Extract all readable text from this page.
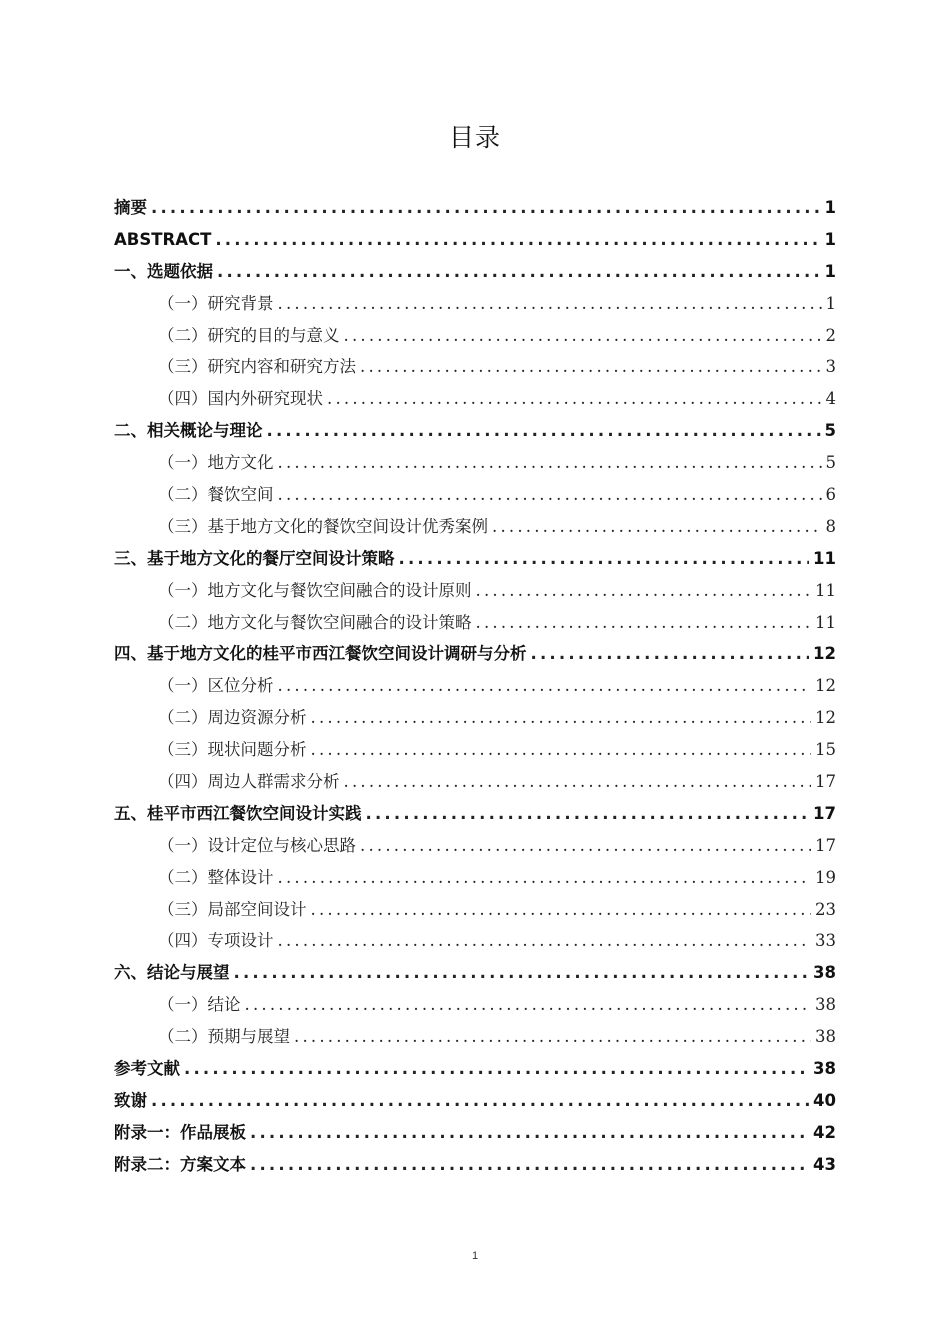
目录
摘要 .....	1
ABSTRACT .....	1
一、选题依据 .....	1
（一）研究背景 .....	1
（二）研究的目的与意义 .....	2
（三）研究内容和研究方法 .....	3
（四）国内外研究现状 .....	4
二、相关概论与理论 .....	5
（一）地方文化 .....	5
（二）餐饮空间 .....	6
（三）基于地方文化的餐饮空间设计优秀案例 .....	8
三、基于地方文化的餐厅空间设计策略 .....	11
（一）地方文化与餐饮空间融合的设计原则 .....	11
（二）地方文化与餐饮空间融合的设计策略 .....	11
四、基于地方文化的桂平市西江餐饮空间设计调研与分析 .....	12
（一）区位分析 .....	12
（二）周边资源分析 .....	12
（三）现状问题分析 .....	15
（四）周边人群需求分析 .....	17
五、桂平市西江餐饮空间设计实践 .....	17
（一）设计定位与核心思路 .....	17
（二）整体设计 .....	19
（三）局部空间设计 .....	23
（四）专项设计 .....	33
六、结论与展望 .....	38
（一）结论 .....	38
（二）预期与展望 .....	38
参考文献 .....	38
致谢 .....	40
附录一：作品展板 .....	42
附录二：方案文本 .....	43
1
